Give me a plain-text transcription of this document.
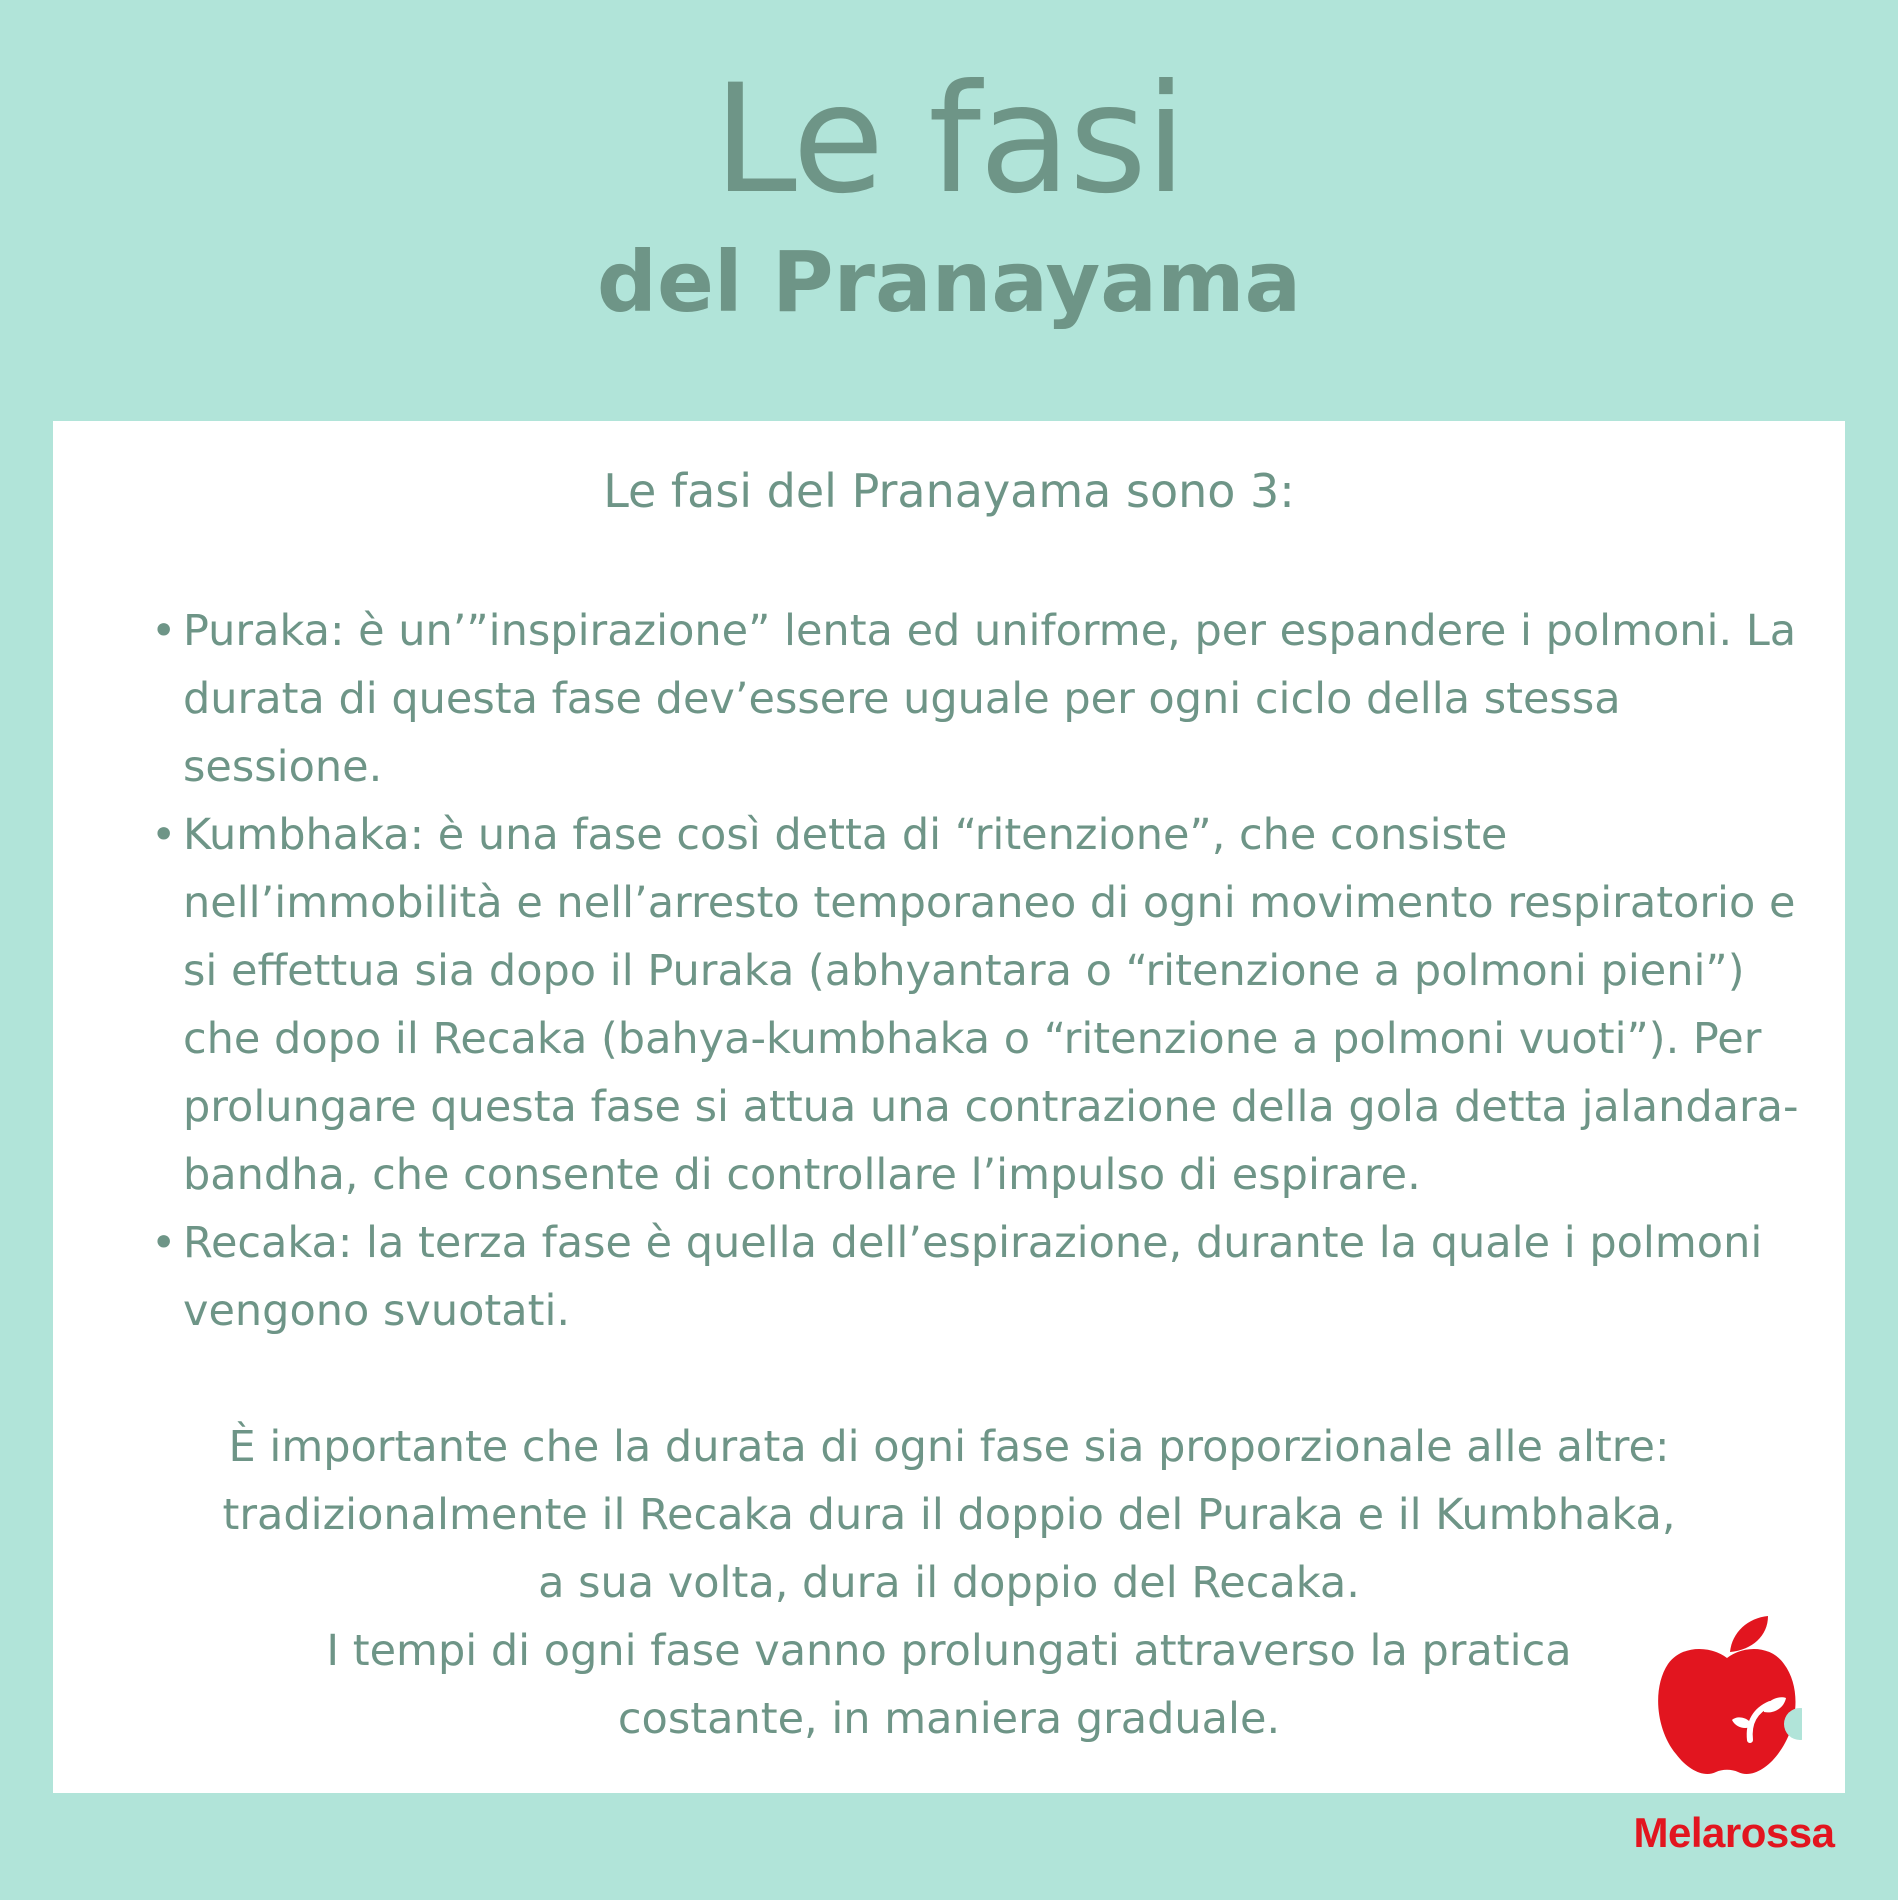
Le fasi
del Pranayama
Le fasi del Pranayama sono 3:
• Puraka: è un’”inspirazione” lenta ed uniforme, per espandere i polmoni. La durata di questa fase dev’essere uguale per ogni ciclo della stessa sessione.
• Kumbhaka: è una fase così detta di “ritenzione”, che consiste nell’immobilità e nell’arresto temporaneo di ogni movimento respiratorio e si effettua sia dopo il Puraka (abhyantara o “ritenzione a polmoni pieni”) che dopo il Recaka (bahya-kumbhaka o “ritenzione a polmoni vuoti”). Per prolungare questa fase si attua una contrazione della gola detta jalandara-bandha, che consente di controllare l’impulso di espirare.
• Recaka: la terza fase è quella dell’espirazione, durante la quale i polmoni vengono svuotati.
È importante che la durata di ogni fase sia proporzionale alle altre:
tradizionalmente il Recaka dura il doppio del Puraka e il Kumbhaka,
a sua volta, dura il doppio del Recaka.
I tempi di ogni fase vanno prolungati attraverso la pratica
costante, in maniera graduale.
Melarossa
